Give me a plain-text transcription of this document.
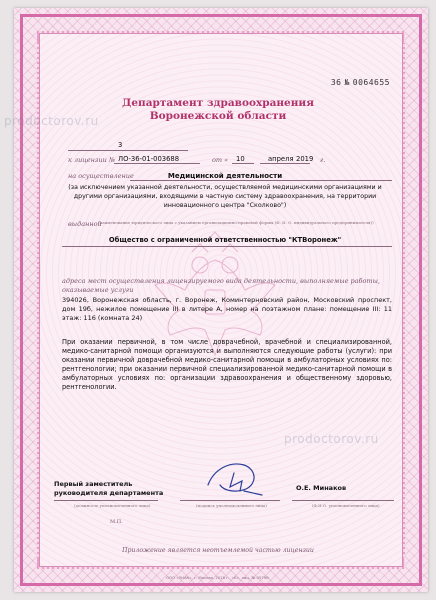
36 № 0064655
Департамент здравоохранения
Воронежской области
3
к лицензии № ЛО-36-01-003688	от « 10	апреля 2019 г.
на осуществление	Медицинской деятельности
(за исключением указанной деятельности, осуществляемой медицинскими организациями и другими организациями, входящими в частную систему здравоохранения, на территории инновационного центра "Сколково")
выданной
(наименование юридического лица с указанием организационно-правовой формы (Ф. И. О. индивидуального предпринимателя))
Общество с ограниченной ответственностью "КТВоронеж"
адреса мест осуществления лицензируемого вида деятельности, выполняемые работы, оказываемые услуги
394026, Воронежская область, г. Воронеж, Коминтерновский район, Московский проспект, дом 19б, нежилое помещение III в литере А, номер на поэтажном плане: помещение III: 11 этаж: 116 (комната 24)
При оказании первичной, в том числе доврачебной, врачебной и специализированной, медико-санитарной помощи организуются и выполняются следующие работы (услуги): при оказании первичной доврачебной медико-санитарной помощи в амбулаторных условиях по: рентгенологии; при оказании первичной специализированной медико-санитарной помощи в амбулаторных условиях по: организации здравоохранения и общественному здоровью, рентгенологии.
Первый заместитель
руководителя департамента
(должность уполномоченного лица)	(подпись уполномоченного лица)
О.Е. Минаков
(Ф.И.О. уполномоченного лица)
М.П.
Приложение является неотъемлемой частью лицензии
ООО «ЗНАК», г. Москва, 2018 г., «Б», лиц. № 05798.
prodoctorov.ru
prodoctorov.ru
